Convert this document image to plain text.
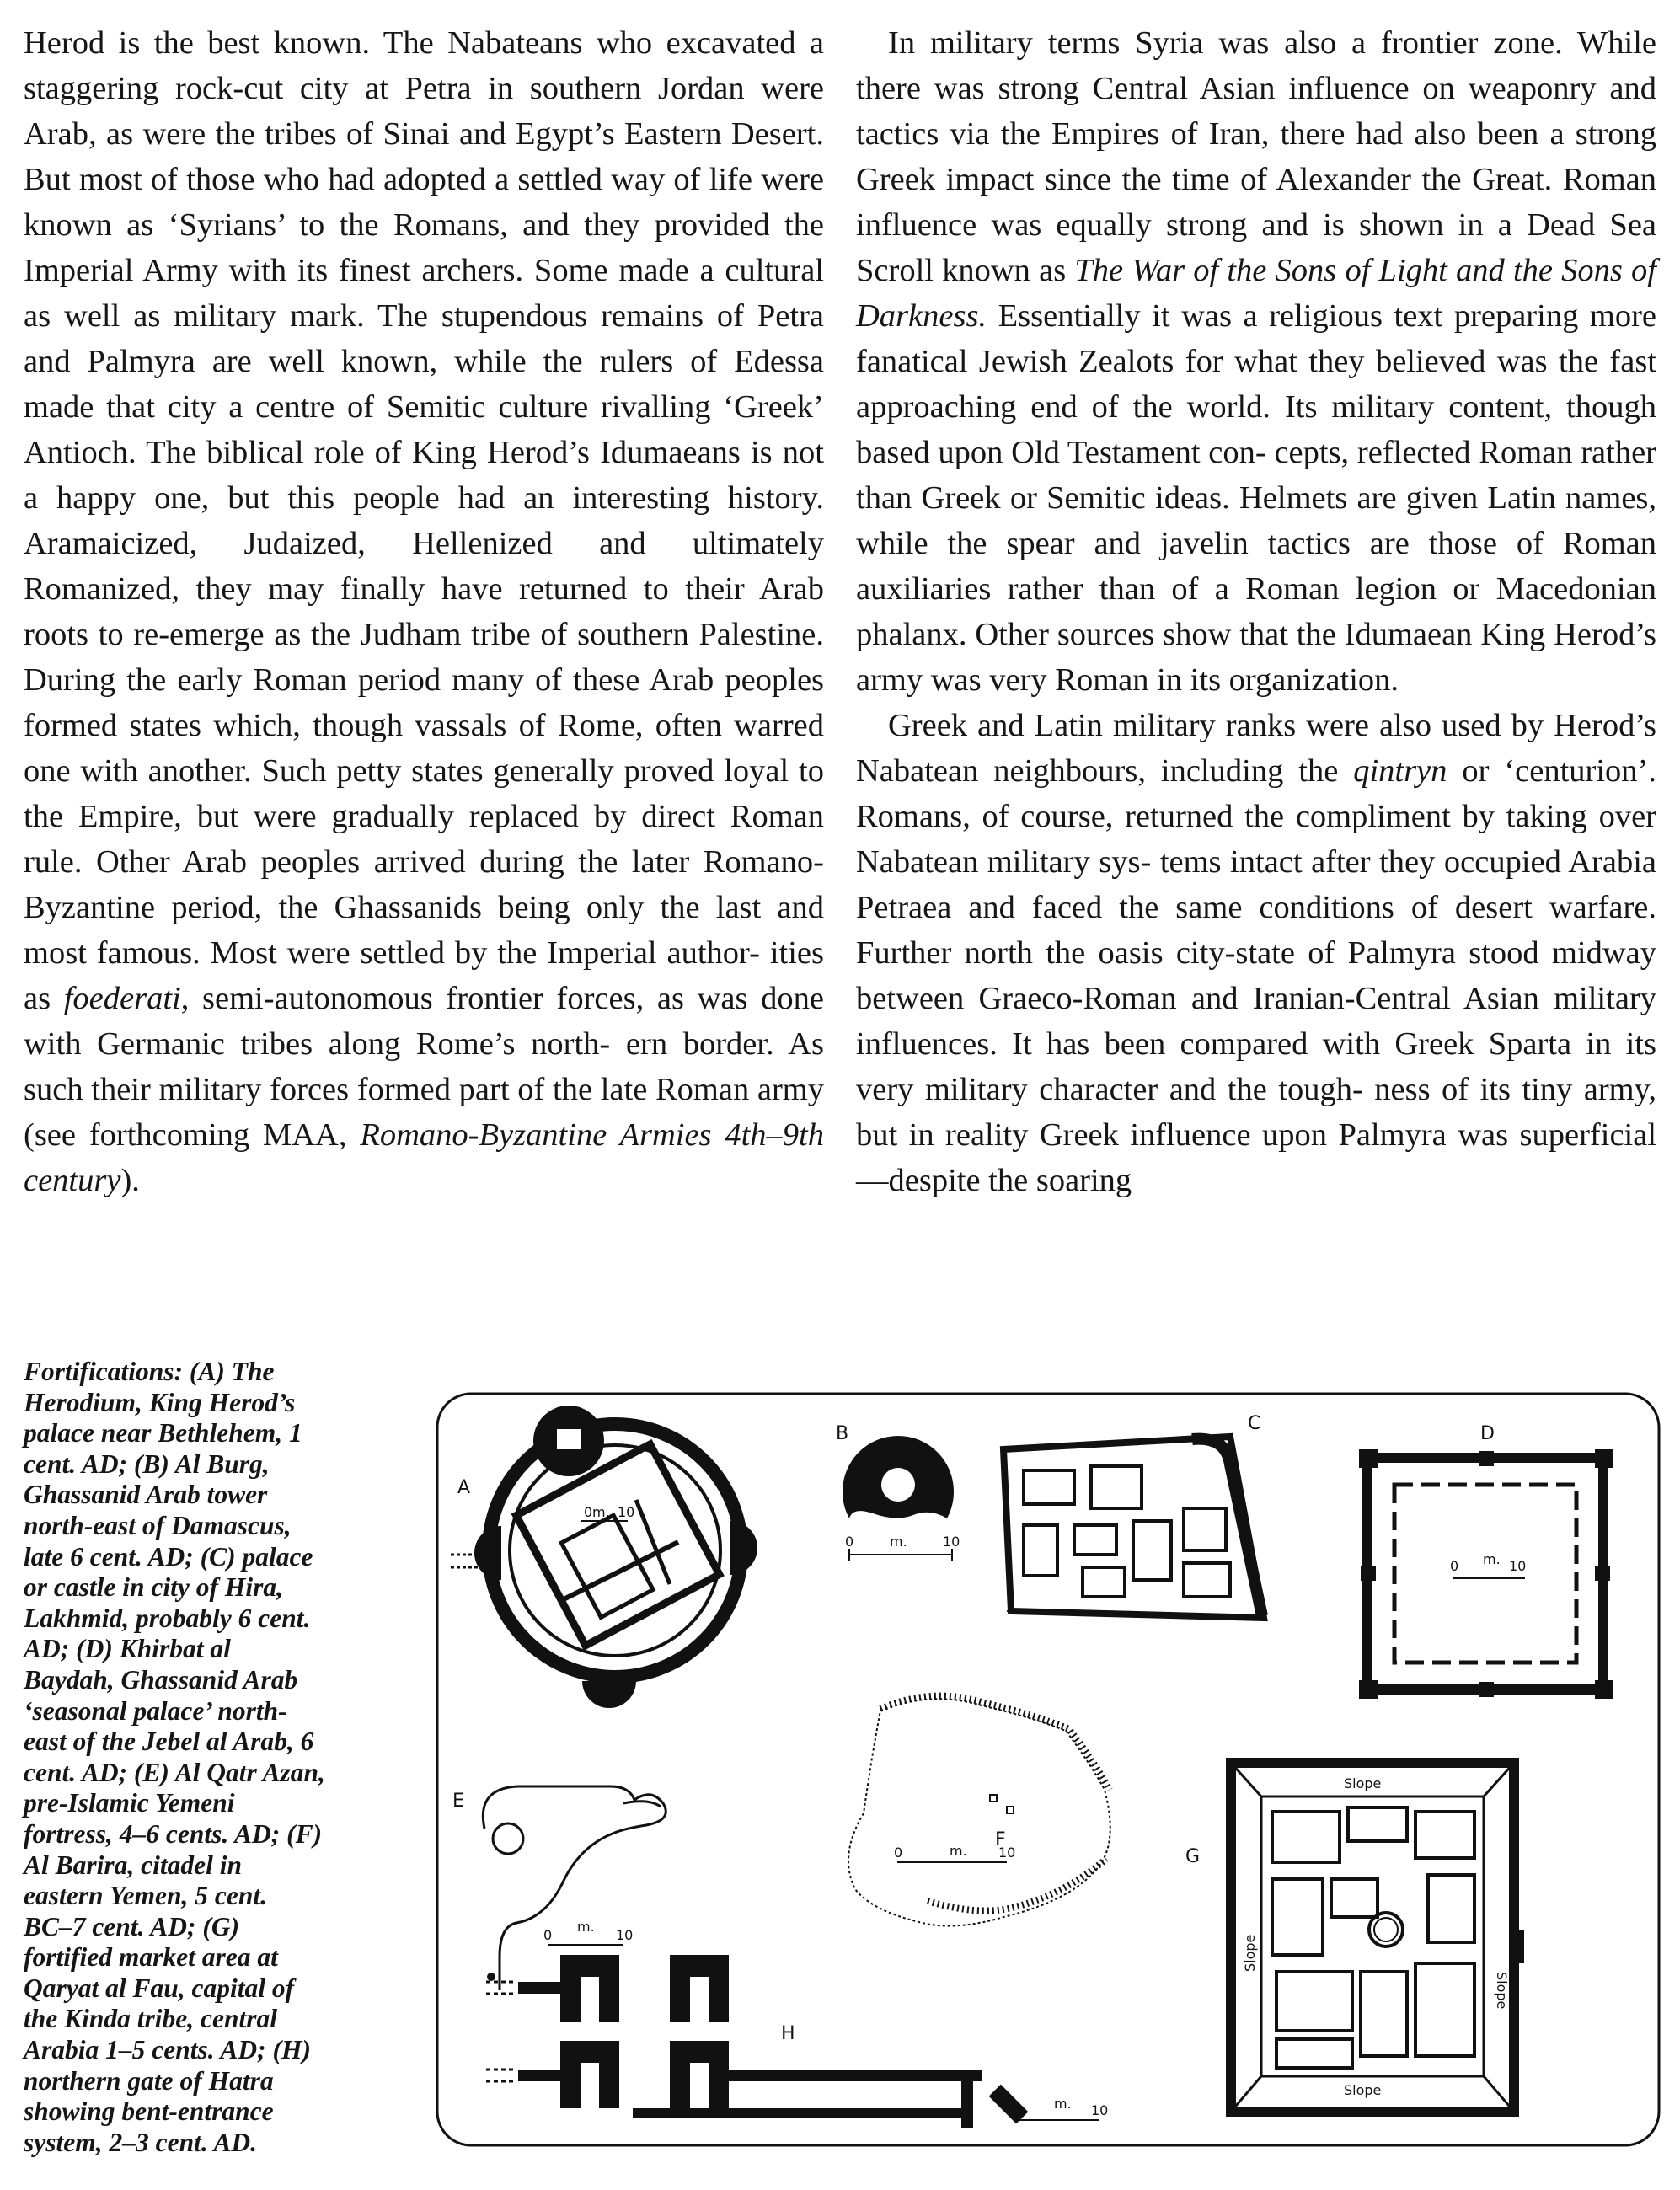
Herod is the best known. The Nabateans who excavated a staggering rock-cut city at Petra in southern Jordan were Arab, as were the tribes of Sinai and Egypt’s Eastern Desert. But most of those who had adopted a settled way of life were known as ‘Syrians’ to the Romans, and they provided the Imperial Army with its finest archers. Some made a cultural as well as military mark. The stupendous remains of Petra and Palmyra are well known, while the rulers of Edessa made that city a centre of Semitic culture rivalling ‘Greek’ Antioch. The biblical role of King Herod’s Idumaeans is not a happy one, but this people had an interesting history. Aramaicized, Judaized, Hellenized and ultimately Romanized, they may finally have returned to their Arab roots to re-emerge as the Judham tribe of southern Palestine. During the early Roman period many of these Arab peoples formed states which, though vassals of Rome, often warred one with another. Such petty states generally proved loyal to the Empire, but were gradually replaced by direct Roman rule. Other Arab peoples arrived during the later Romano-Byzantine period, the Ghassanids being only the last and most famous. Most were settled by the Imperial author- ities as foederati, semi-autonomous frontier forces, as was done with Germanic tribes along Rome’s north- ern border. As such their military forces formed part of the late Roman army (see forthcoming MAA, Romano-Byzantine Armies 4th–9th century).

In military terms Syria was also a frontier zone. While there was strong Central Asian influence on weaponry and tactics via the Empires of Iran, there had also been a strong Greek impact since the time of Alexander the Great. Roman influence was equally strong and is shown in a Dead Sea Scroll known as The War of the Sons of Light and the Sons of Darkness. Essentially it was a religious text preparing more fanatical Jewish Zealots for what they believed was the fast approaching end of the world. Its military content, though based upon Old Testament con- cepts, reflected Roman rather than Greek or Semitic ideas. Helmets are given Latin names, while the spear and javelin tactics are those of Roman auxiliaries rather than of a Roman legion or Macedonian phalanx. Other sources show that the Idumaean King Herod’s army was very Roman in its organization.

Greek and Latin military ranks were also used by Herod’s Nabatean neighbours, including the qintryn or ‘centurion’. Romans, of course, returned the compliment by taking over Nabatean military sys- tems intact after they occupied Arabia Petraea and faced the same conditions of desert warfare. Further north the oasis city-state of Palmyra stood midway between Graeco-Roman and Iranian-Central Asian military influences. It has been compared with Greek Sparta in its very military character and the tough- ness of its tiny army, but in reality Greek influence upon Palmyra was superficial—despite the soaring

Fortifications: (A) The
Herodium, King Herod’s
palace near Bethlehem, 1
cent. AD; (B) Al Burg,
Ghassanid Arab tower
north-east of Damascus,
late 6 cent. AD; (C) palace
or castle in city of Hira,
Lakhmid, probably 6 cent.
AD; (D) Khirbat al
Baydah, Ghassanid Arab
‘seasonal palace’ north-
east of the Jebel al Arab, 6
cent. AD; (E) Al Qatr Azan,
pre-Islamic Yemeni
fortress, 4–6 cents. AD; (F)
Al Barira, citadel in
eastern Yemen, 5 cent.
BC–7 cent. AD; (G)
fortified market area at
Qaryat al Fau, capital of
the Kinda tribe, central
Arabia 1–5 cents. AD; (H)
northern gate of Hatra
showing bent-entrance
system, 2–3 cent. AD.
A
0 m. 10
B
0	m.	10
C	D
0 m. 10
E
0
m.
10
F
0	m. 10	G
Slope
Slope
Slope
Slope
H
0 m. 10
